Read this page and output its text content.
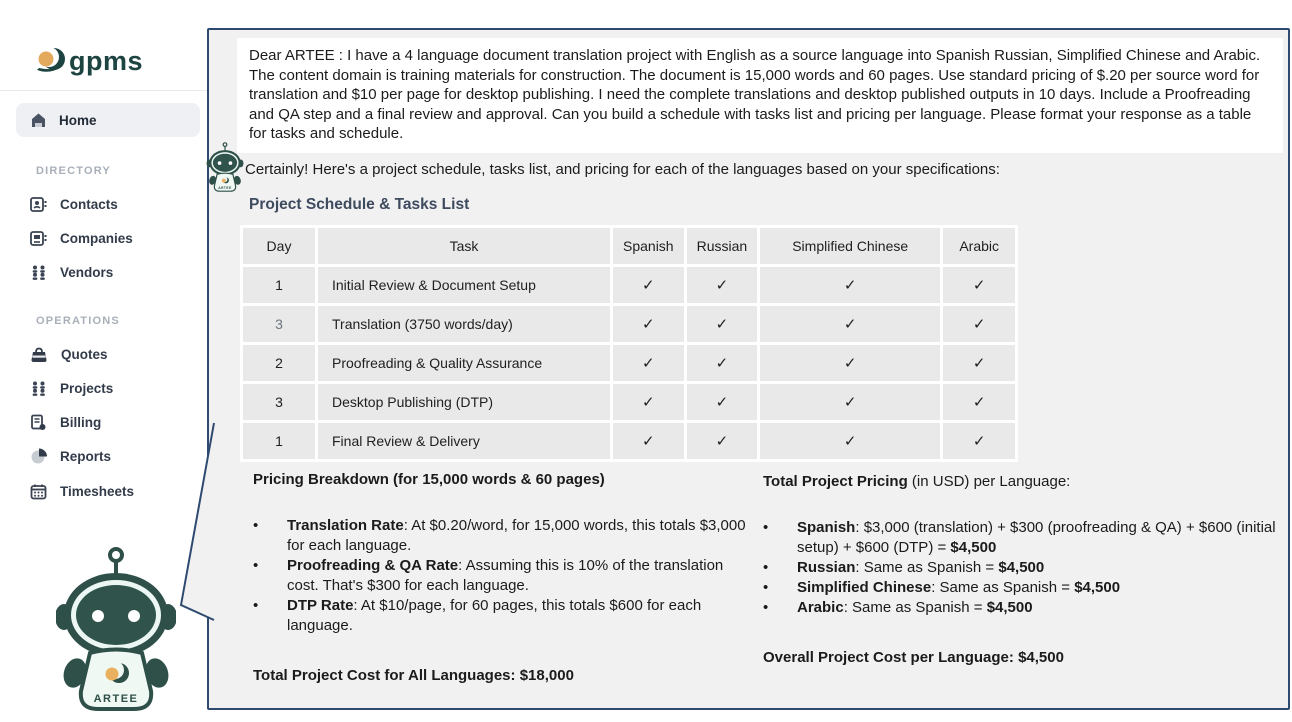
gpms
Home
DIRECTORY
Contacts
Companies
Vendors
OPERATIONS
Quotes
Projects
Billing
Reports
Timesheets
Dear ARTEE : I have a 4 language document translation project with English as a source language into Spanish Russian, Simplified Chinese and Arabic. The content domain is training materials for construction. The document is 15,000 words and 60 pages. Use standard pricing of $.20 per source word for translation and $10 per page for desktop publishing. I need the complete translations and desktop published outputs in 10 days. Include a Proofreading and QA step and a final review and approval. Can you build a schedule with tasks list and pricing per language. Please format your response as a table for tasks and schedule.
Certainly! Here's a project schedule, tasks list, and pricing for each of the languages based on your specifications:
Project Schedule & Tasks List
Day	Task	Spanish	Russian	Simplified Chinese	Arabic
1	Initial Review & Document Setup	✓	✓	✓	✓
3	Translation (3750 words/day)	✓	✓	✓	✓
2	Proofreading & Quality Assurance	✓	✓	✓	✓
3	Desktop Publishing (DTP)	✓	✓	✓	✓
1	Final Review & Delivery	✓	✓	✓	✓
Pricing Breakdown (for 15,000 words & 60 pages)
•	Translation Rate: At $0.20/word, for 15,000 words, this totals $3,000 for each language.
•	Proofreading & QA Rate: Assuming this is 10% of the translation cost. That's $300 for each language.
•	DTP Rate: At $10/page, for 60 pages, this totals $600 for each language.
Total Project Cost for All Languages: $18,000
Total Project Pricing (in USD) per Language:
•	Spanish: $3,000 (translation) + $300 (proofreading & QA) + $600 (initial setup) + $600 (DTP) = $4,500
•	Russian: Same as Spanish = $4,500
•	Simplified Chinese: Same as Spanish = $4,500
•	Arabic: Same as Spanish = $4,500
Overall Project Cost per Language: $4,500
